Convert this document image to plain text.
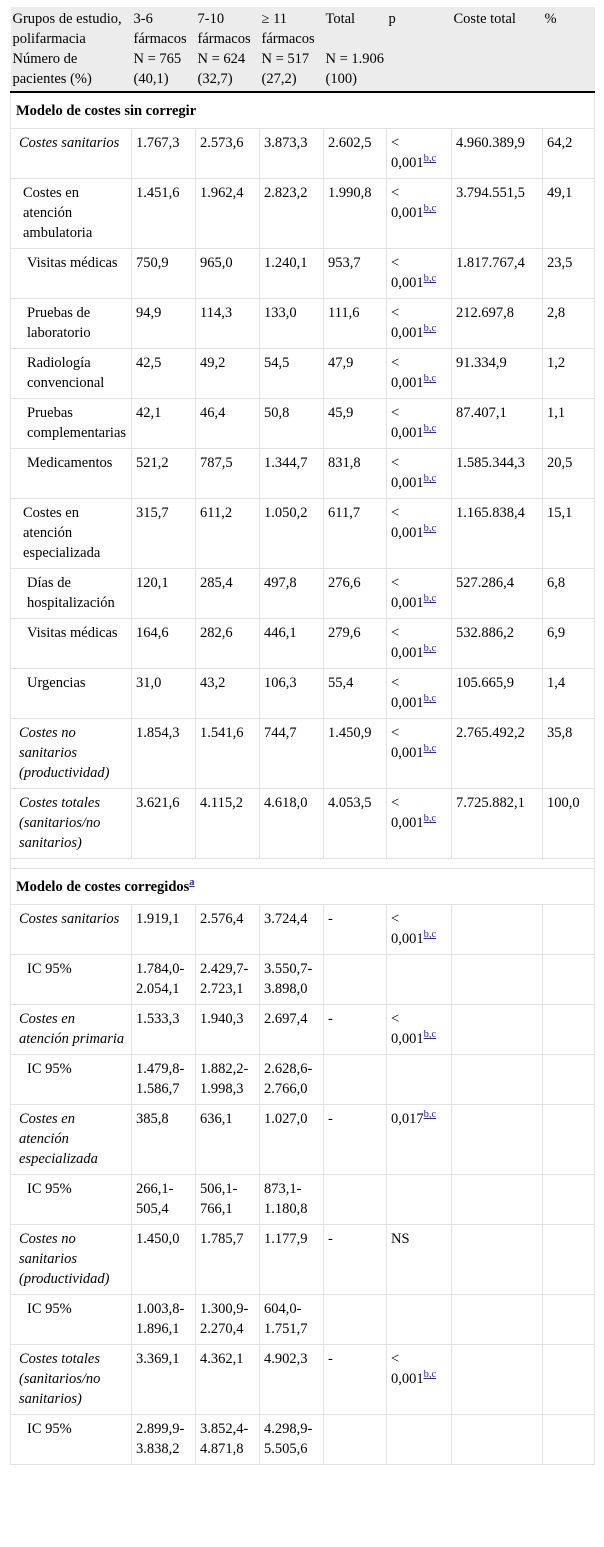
Grupos de estudio, polifarmacia	3-6 fármacos	7-10 fármacos	≥ 11 fármacos	Total	p	Coste total	%
Número de pacientes (%)	N = 765 (40,1)	N = 624 (32,7)	N = 517 (27,2)	N = 1.906 (100)			
Modelo de costes sin corregir							
Costes sanitarios	1.767,3	2.573,6	3.873,3	2.602,5	< 0,001$^{b,c}$	4.960.389,9	64,2
Costes en atención ambulatoria	1.451,6	1.962,4	2.823,2	1.990,8	< 0,001$^{b,c}$	3.794.551,5	49,1
Visitas médicas	750,9	965,0	1.240,1	953,7	< 0,001$^{b,c}$	1.817.767,4	23,5
Pruebas de laboratorio	94,9	114,3	133,0	111,6	< 0,001$^{b,c}$	212.697,8	2,8
Radiología convencional	42,5	49,2	54,5	47,9	< 0,001$^{b,c}$	91.334,9	1,2
Pruebas complementarias	42,1	46,4	50,8	45,9	< 0,001$^{b,c}$	87.407,1	1,1
Medicamentos	521,2	787,5	1.344,7	831,8	< 0,001$^{b,c}$	1.585.344,3	20,5
Costes en atención especializada	315,7	611,2	1.050,2	611,7	< 0,001$^{b,c}$	1.165.838,4	15,1
Días de hospitalización	120,1	285,4	497,8	276,6	< 0,001$^{b,c}$	527.286,4	6,8
Visitas médicas	164,6	282,6	446,1	279,6	< 0,001$^{b,c}$	532.886,2	6,9
Urgencias	31,0	43,2	106,3	55,4	< 0,001$^{b,c}$	105.665,9	1,4
Costes no sanitarios (productividad)	1.854,3	1.541,6	744,7	1.450,9	< 0,001$^{b,c}$	2.765.492,2	35,8
Costes totales (sanitarios/no sanitarios)	3.621,6	4.115,2	4.618,0	4.053,5	< 0,001$^{b,c}$	7.725.882,1	100,0

Modelo de costes corregidos$^a$
Costes sanitarios	1.919,1	2.576,4	3.724,4	-	< 0,001$^{b,c}$		
IC 95%	1.784,0-2.054,1	2.429,7-2.723,1	3.550,7-3.898,0				
Costes en atención primaria	1.533,3	1.940,3	2.697,4	-	< 0,001$^{b,c}$		
IC 95%	1.479,8-1.586,7	1.882,2-1.998,3	2.628,6-2.766,0				
Costes en atención especializada	385,8	636,1	1.027,0	-	0,017$^{b,c}$		
IC 95%	266,1-505,4	506,1-766,1	873,1-1.180,8				
Costes no sanitarios (productividad)	1.450,0	1.785,7	1.177,9	-	NS		
IC 95%	1.003,8-1.896,1	1.300,9-2.270,4	604,0-1.751,7				
Costes totales (sanitarios/no sanitarios)	3.369,1	4.362,1	4.902,3	-	< 0,001$^{b,c}$		
IC 95%	2.899,9-3.838,2	3.852,4-4.871,8	4.298,9-5.505,6				
